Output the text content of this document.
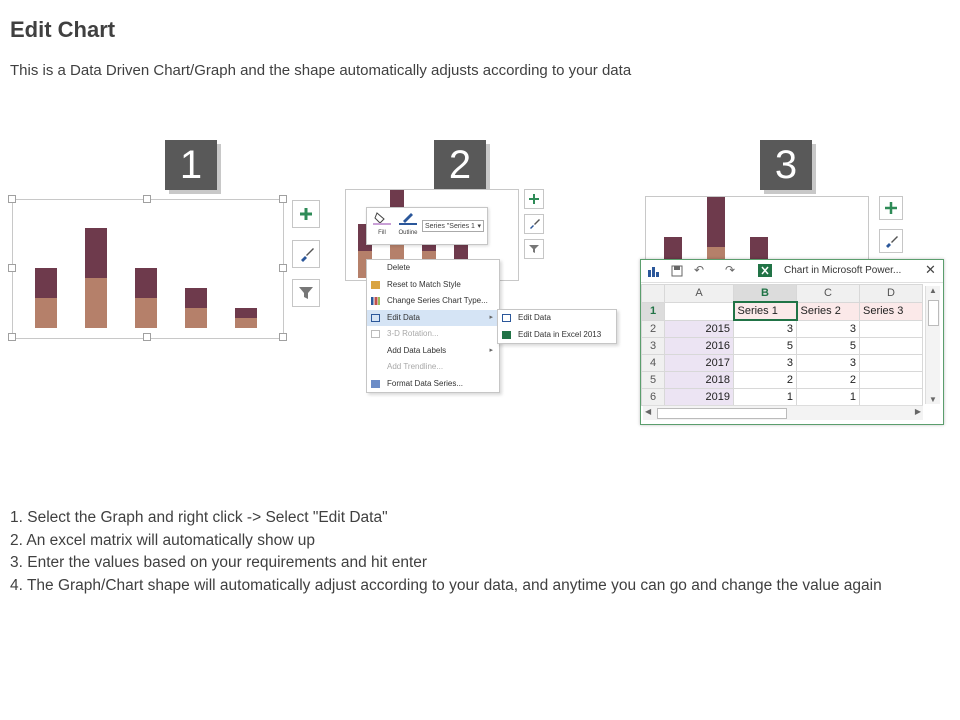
Edit Chart
This is a Data Driven Chart/Graph and the shape automatically adjusts according to your data
1	2	3
Fill	Outline
Series "Series 1 ▾
Delete
Reset to Match Style
Change Series Chart Type...
Edit Data	▸
3-D Rotation...
Add Data Labels	▸
Add Trendline...
Format Data Series...
Edit Data
Edit Data in Excel 2013
↶ ↷	Chart in Microsoft Power... ✕
	A	B	C	D
1		Series 1	Series 2	Series 3
2	2015	3	3	
3	2016	5	5	
4	2017	3	3	
5	2018	2	2	
6	2019	1	1	
▲
▼
◀	▶
1. Select the Graph and right click -> Select "Edit Data"
2. An excel matrix will automatically show up
3. Enter the values based on your requirements and hit enter
4. The Graph/Chart shape will automatically adjust according to your data, and anytime you can go and change the value again
